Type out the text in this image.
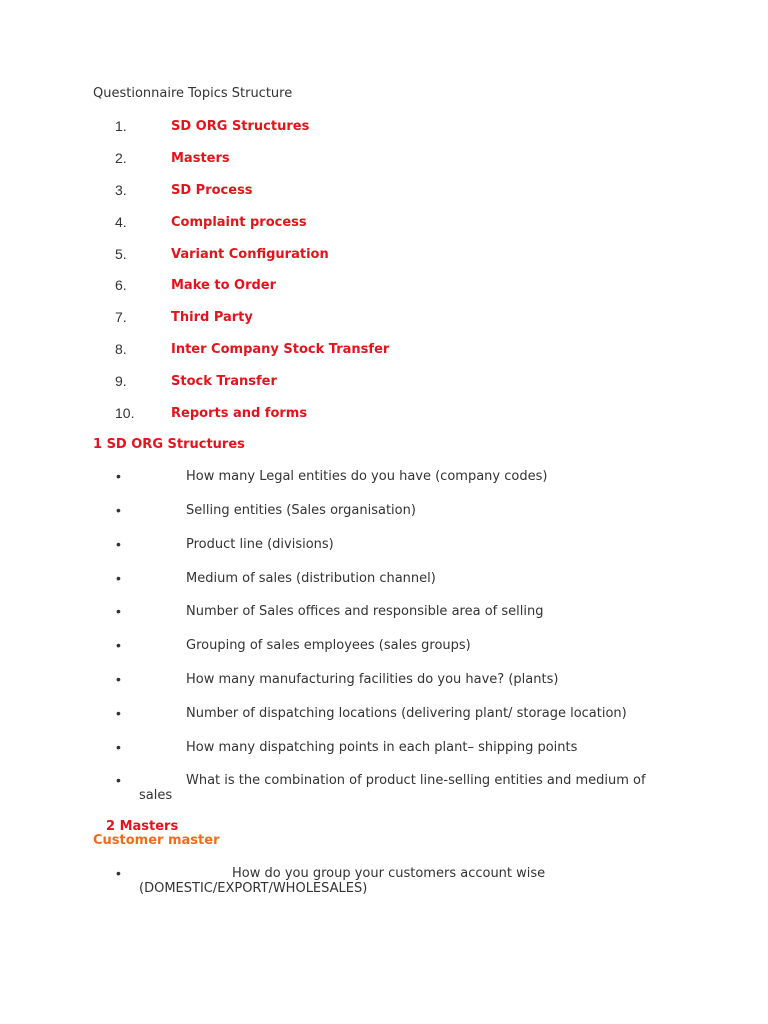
Questionnaire Topics Structure
1.	SD ORG Structures
2.	Masters
3.	SD Process
4.	Complaint process
5.	Variant Configuration
6.	Make to Order
7.	Third Party
8.	Inter Company Stock Transfer
9.	Stock Transfer
10.	Reports and forms
1 SD ORG Structures
•	How many Legal entities do you have (company codes)
•	Selling entities (Sales organisation)
•	Product line (divisions)
•	Medium of sales (distribution channel)
•	Number of Sales offices and responsible area of selling
•	Grouping of sales employees (sales groups)
•	How many manufacturing facilities do you have? (plants)
•	Number of dispatching locations (delivering plant/ storage location)
•	How many dispatching points in each plant– shipping points
•	What is the combination of product line-selling entities and medium of
sales
2 Masters
Customer master
•	How do you group your customers account wise
(DOMESTIC/EXPORT/WHOLESALES)
